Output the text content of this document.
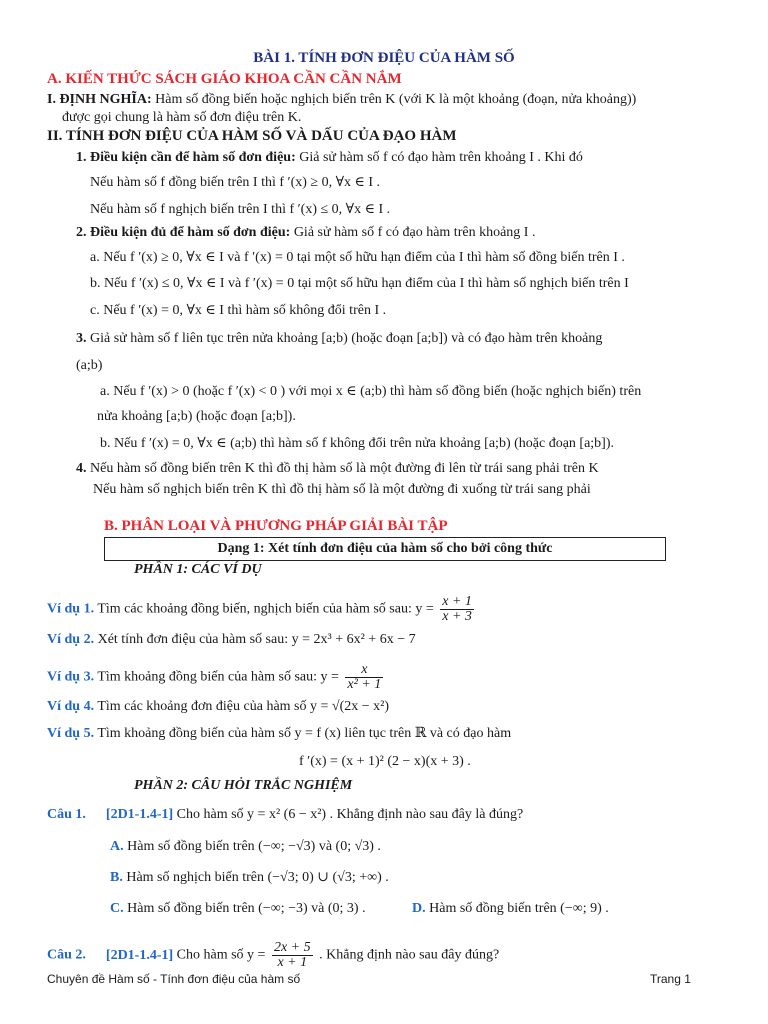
BÀI 1. TÍNH ĐƠN ĐIỆU CỦA HÀM SỐ
A. KIẾN THỨC SÁCH GIÁO KHOA CẦN CẦN NẮM
I. ĐỊNH NGHĨA: Hàm số đồng biến hoặc nghịch biến trên K (với K là một khoảng (đoạn, nửa khoảng))
được gọi chung là hàm số đơn điệu trên K.
II. TÍNH ĐƠN ĐIỆU CỦA HÀM SỐ VÀ DẤU CỦA ĐẠO HÀM
1. Điều kiện cần để hàm số đơn điệu: Giả sử hàm số f có đạo hàm trên khoảng I . Khi đó
Nếu hàm số f đồng biến trên I thì f ′(x) ≥ 0, ∀x ∈ I .
Nếu hàm số f nghịch biến trên I thì f ′(x) ≤ 0, ∀x ∈ I .
2. Điều kiện đủ để hàm số đơn điệu: Giả sử hàm số f có đạo hàm trên khoảng I .
a. Nếu f ′(x) ≥ 0, ∀x ∈ I và f ′(x) = 0 tại một số hữu hạn điểm của I thì hàm số đồng biến trên I .
b. Nếu f ′(x) ≤ 0, ∀x ∈ I và f ′(x) = 0 tại một số hữu hạn điểm của I thì hàm số nghịch biến trên I
c. Nếu f ′(x) = 0, ∀x ∈ I thì hàm số không đổi trên I .
3. Giả sử hàm số f liên tục trên nửa khoảng [a;b) (hoặc đoạn [a;b]) và có đạo hàm trên khoảng
(a;b)
a. Nếu f ′(x) > 0 (hoặc f ′(x) < 0 ) với mọi x ∈ (a;b) thì hàm số đồng biến (hoặc nghịch biến) trên
nửa khoảng [a;b) (hoặc đoạn [a;b]).
b. Nếu f ′(x) = 0, ∀x ∈ (a;b) thì hàm số f không đổi trên nửa khoảng [a;b) (hoặc đoạn [a;b]).
4. Nếu hàm số đồng biến trên K thì đồ thị hàm số là một đường đi lên từ trái sang phải trên K
Nếu hàm số nghịch biến trên K thì đồ thị hàm số là một đường đi xuống từ trái sang phải
B. PHÂN LOẠI VÀ PHƯƠNG PHÁP GIẢI BÀI TẬP
Dạng 1: Xét tính đơn điệu của hàm số cho bởi công thức
PHẦN 1: CÁC VÍ DỤ
Ví dụ 1. Tìm các khoảng đồng biến, nghịch biến của hàm số sau: $y = \frac{x + 1}{x + 3}$
Ví dụ 2. Xét tính đơn điệu của hàm số sau: y = 2x³ + 6x² + 6x − 7
Ví dụ 3. Tìm khoảng đồng biến của hàm số sau: $y = \frac{x}{\text{x² + 1}}$
Ví dụ 4. Tìm các khoảng đơn điệu của hàm số y = √(2x − x²)
Ví dụ 5. Tìm khoảng đồng biến của hàm số y = f (x) liên tục trên ℝ và có đạo hàm
f ′(x) = (x + 1)² (2 − x)(x + 3) .
PHẦN 2: CÂU HỎI TRẮC NGHIỆM
Câu 1. [2D1-1.4-1] Cho hàm số y = x² (6 − x²) . Khẳng định nào sau đây là đúng?
A. Hàm số đồng biến trên (−∞; −√3) và (0; √3) .
B. Hàm số nghịch biến trên (−√3; 0) ∪ (√3; +∞) .
C. Hàm số đồng biến trên (−∞; −3) và (0; 3) .	D. Hàm số đồng biến trên (−∞; 9) .
Câu 2. [2D1-1.4-1] Cho hàm số $y = \frac{2x + 5}{x + 1}$ . Khẳng định nào sau đây đúng?
Chuyên đề Hàm số - Tính đơn điệu của hàm số	Trang 1
